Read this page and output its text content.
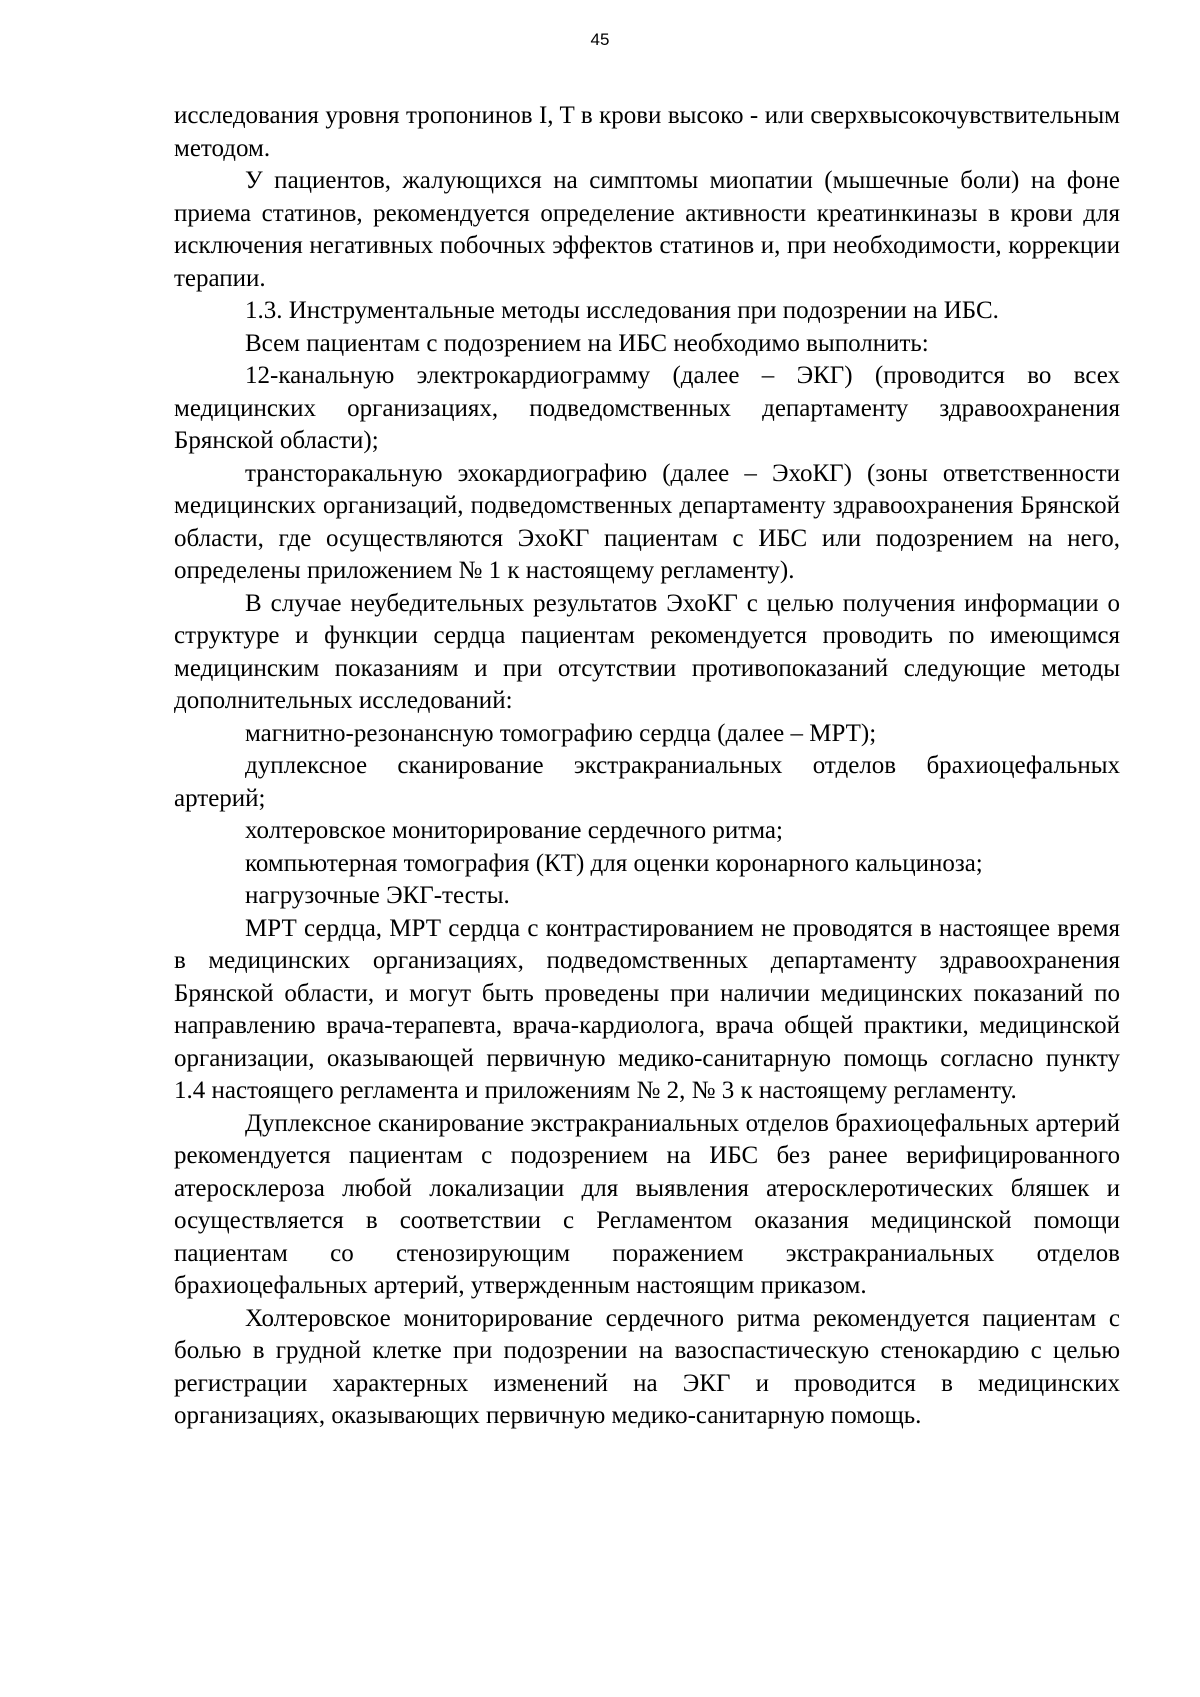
45

исследования уровня тропонинов I, T в крови высоко - или сверхвысокочувствительным методом.

У пациентов, жалующихся на симптомы миопатии (мышечные боли) на фоне приема статинов, рекомендуется определение активности креатинкиназы в крови для исключения негативных побочных эффектов статинов и, при необходимости, коррекции терапии.

1.3. Инструментальные методы исследования при подозрении на ИБС.

Всем пациентам с подозрением на ИБС необходимо выполнить:

12-канальную электрокардиограмму (далее – ЭКГ) (проводится во всех медицинских организациях, подведомственных департаменту здравоохранения Брянской области);

трансторакальную эхокардиографию (далее – ЭхоКГ) (зоны ответственности медицинских организаций, подведомственных департаменту здравоохранения Брянской области, где осуществляются ЭхоКГ пациентам с ИБС или подозрением на него, определены приложением № 1 к настоящему регламенту).

В случае неубедительных результатов ЭхоКГ с целью получения информации о структуре и функции сердца пациентам рекомендуется проводить по имеющимся медицинским показаниям и при отсутствии противопоказаний следующие методы дополнительных исследований:

магнитно-резонансную томографию сердца (далее – МРТ);

дуплексное сканирование экстракраниальных отделов брахиоцефальных артерий;

холтеровское мониторирование сердечного ритма;

компьютерная томография (КТ) для оценки коронарного кальциноза;

нагрузочные ЭКГ-тесты.

МРТ сердца, МРТ сердца с контрастированием не проводятся в настоящее время в медицинских организациях, подведомственных департаменту здравоохранения Брянской области, и могут быть проведены при наличии медицинских показаний по направлению врача-терапевта, врача-кардиолога, врача общей практики, медицинской организации, оказывающей первичную медико-санитарную помощь согласно пункту 1.4 настоящего регламента и приложениям № 2, № 3 к настоящему регламенту.

Дуплексное сканирование экстракраниальных отделов брахиоцефальных артерий рекомендуется пациентам с подозрением на ИБС без ранее верифицированного атеросклероза любой локализации для выявления атеросклеротических бляшек и осуществляется в соответствии с Регламентом оказания медицинской помощи пациентам со стенозирующим поражением экстракраниальных отделов брахиоцефальных артерий, утвержденным настоящим приказом.

Холтеровское мониторирование сердечного ритма рекомендуется пациентам с болью в грудной клетке при подозрении на вазоспастическую стенокардию с целью регистрации характерных изменений на ЭКГ и проводится в медицинских организациях, оказывающих первичную медико-санитарную помощь.
